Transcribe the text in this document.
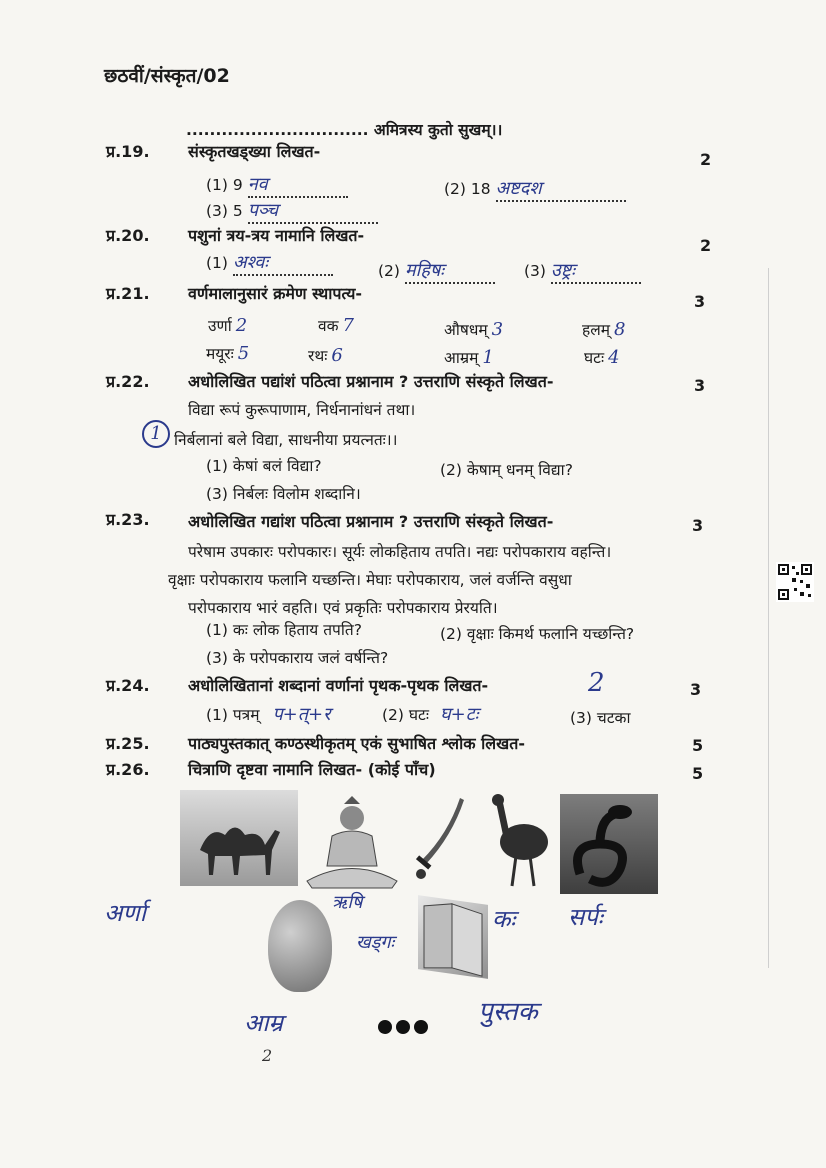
छठवीं/संस्कृत/02
............................... अमित्रस्य कुतो सुखम्।।
प्र.19. संस्कृतखड्ख्या लिखत-	2
(1) 9 नव	(2) 18 अष्टदश
(3) 5 पञ्च
प्र.20. पशुनां त्रय-त्रय नामानि लिखत-
2
(1) अश्वः	(2) महिषः	(3) उष्ट्रः
प्र.21. वर्णमालानुसारं क्रमेण स्थापत्य-	3
उर्णा 2	वक 7	औषधम् 3	हलम् 8
मयूरः 5	रथः 6	आम्रम् 1	घटः 4
प्र.22. अधोलिखित पद्यांशं पठित्वा प्रश्नानाम ? उत्तराणि संस्कृते लिखत-	3
विद्या रूपं कुरूपाणाम, निर्धनानांधनं तथा।
1 निर्बलानां बले विद्या, साधनीया प्रयत्नतः।।
(1) केषां बलं विद्या?	(2) केषाम् धनम् विद्या?
(3) निर्बलः विलोम शब्दानि।
प्र.23. अधोलिखित गद्यांश पठित्वा प्रश्नानाम ? उत्तराणि संस्कृते लिखत-	3
परेषाम उपकारः परोपकारः। सूर्यः लोकहिताय तपति। नद्यः परोपकाराय वहन्ति।
वृक्षाः परोपकाराय फलानि यच्छन्ति। मेघाः परोपकाराय, जलं वर्जन्ति वसुधा
परोपकाराय भारं वहति। एवं प्रकृतिः परोपकाराय प्रेरयति।
(1) कः लोक हिताय तपति?	(2) वृक्षाः किमर्थ फलानि यच्छन्ति?
(3) के परोपकाराय जलं वर्षन्ति?
प्र.24. अधोलिखितानां शब्दानां वर्णानां पृथक-पृथक लिखत-	2	3
(1) पत्रम् प+त्+र	(2) घटः घ+टः	(3) चटका
प्र.25. पाठ्यपुस्तकात् कण्ठस्थीकृतम् एकं सुभाषित श्लोक लिखत-	5
प्र.26. चित्राणि दृष्टवा नामानि लिखत- (कोई पाँच)	5
अर्णा	ऋषि
खड्गः
कः सर्पः
आम्र	पुस्तक
2
